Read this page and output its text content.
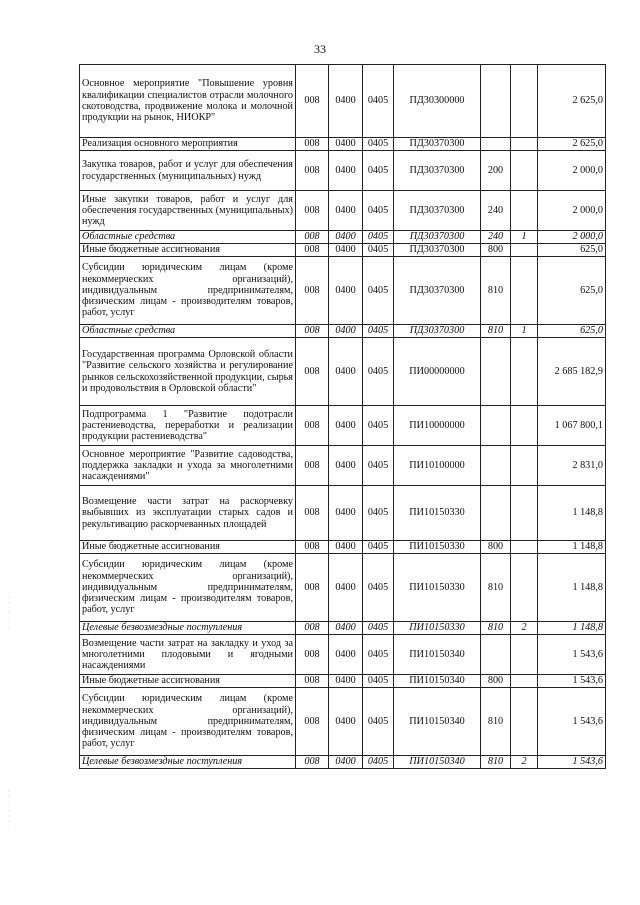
33
Основное мероприятие "Повышение уровня квалификации специалистов отрасли молочного скотоводства, продвижение молока и молочной продукции на рынок, НИОКР"	008	0400	0405	ПД30300000			2 625,0
Реализация основного мероприятия	008	0400	0405	ПД30370300			2 625,0
Закупка товаров, работ и услуг для обеспечения государственных (муниципальных) нужд	008	0400	0405	ПД30370300	200		2 000,0
Иные закупки товаров, работ и услуг для обеспечения государственных (муниципальных) нужд	008	0400	0405	ПД30370300	240		2 000,0
Областные средства	008	0400	0405	ПД30370300	240	1	2 000,0
Иные бюджетные ассигнования	008	0400	0405	ПД30370300	800		625,0
Субсидии юридическим лицам (кроме некоммерческих организаций), индивидуальным предпринимателям, физическим лицам - производителям товаров, работ, услуг	008	0400	0405	ПД30370300	810		625,0
Областные средства	008	0400	0405	ПД30370300	810	1	625,0
Государственная программа Орловской области "Развитие сельского хозяйства и регулирование рынков сельскохозяйственной продукции, сырья и продовольствия в Орловской области"	008	0400	0405	ПИ00000000			2 685 182,9
Подпрограмма 1 "Развитие подотрасли растениеводства, переработки и реализации продукции растениеводства"	008	0400	0405	ПИ10000000			1 067 800,1
Основное мероприятие "Развитие садоводства, поддержка закладки и ухода за многолетними насаждениями"	008	0400	0405	ПИ10100000			2 831,0
Возмещение части затрат на раскорчевку выбывших из эксплуатации старых садов и рекультивацию раскорчеванных площадей	008	0400	0405	ПИ10150330			1 148,8
Иные бюджетные ассигнования	008	0400	0405	ПИ10150330	800		1 148,8
Субсидии юридическим лицам (кроме некоммерческих организаций), индивидуальным предпринимателям, физическим лицам - производителям товаров, работ, услуг	008	0400	0405	ПИ10150330	810		1 148,8
Целевые безвозмездные поступления	008	0400	0405	ПИ10150330	810	2	1 148,8
Возмещение части затрат на закладку и уход за многолетними плодовыми и ягодными насаждениями	008	0400	0405	ПИ10150340			1 543,6
Иные бюджетные ассигнования	008	0400	0405	ПИ10150340	800		1 543,6
Субсидии юридическим лицам (кроме некоммерческих организаций), индивидуальным предпринимателям, физическим лицам - производителям товаров, работ, услуг	008	0400	0405	ПИ10150340	810		1 543,6
Целевые безвозмездные поступления	008	0400	0405	ПИ10150340	810	2	1 543,6
·
·
·
·
·
·
·
·
·
·
·
·
·
·
·
